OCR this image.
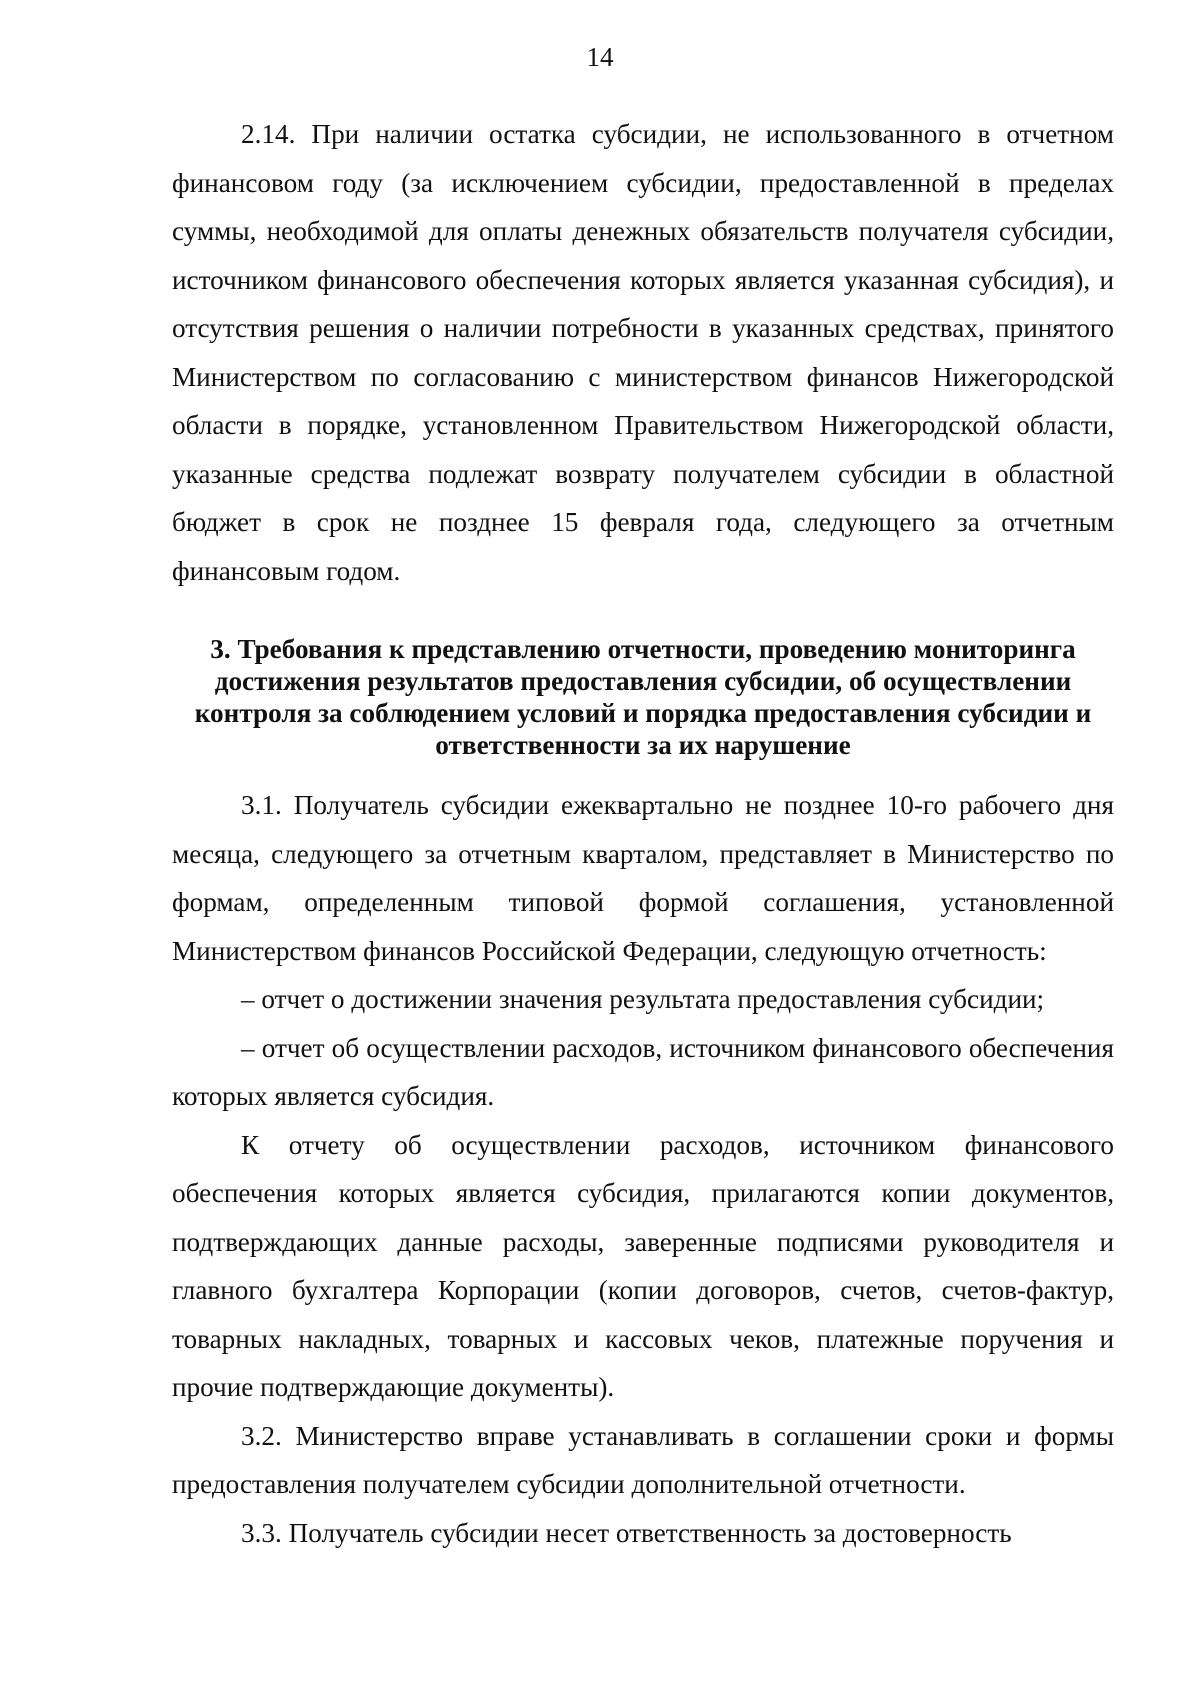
14

2.14. При наличии остатка субсидии, не использованного в отчетном финансовом году (за исключением субсидии, предоставленной в пределах суммы, необходимой для оплаты денежных обязательств получателя субсидии, источником финансового обеспечения которых является указанная субсидия), и отсутствия решения о наличии потребности в указанных средствах, принятого Министерством по согласованию с министерством финансов Нижегородской области в порядке, установленном Правительством Нижегородской области, указанные средства подлежат возврату получателем субсидии в областной бюджет в срок не позднее 15 февраля года, следующего за отчетным финансовым годом.

3. Требования к представлению отчетности, проведению мониторинга достижения результатов предоставления субсидии, об осуществлении контроля за соблюдением условий и порядка предоставления субсидии и ответственности за их нарушение

3.1. Получатель субсидии ежеквартально не позднее 10-го рабочего дня месяца, следующего за отчетным кварталом, представляет в Министерство по формам, определенным типовой формой соглашения, установленной Министерством финансов Российской Федерации, следующую отчетность:

– отчет о достижении значения результата предоставления субсидии;

– отчет об осуществлении расходов, источником финансового обеспечения которых является субсидия.

К отчету об осуществлении расходов, источником финансового обеспечения которых является субсидия, прилагаются копии документов, подтверждающих данные расходы, заверенные подписями руководителя и главного бухгалтера Корпорации (копии договоров, счетов, счетов-фактур, товарных накладных, товарных и кассовых чеков, платежные поручения и прочие подтверждающие документы).

3.2. Министерство вправе устанавливать в соглашении сроки и формы предоставления получателем субсидии дополнительной отчетности.

3.3. Получатель субсидии несет ответственность за достоверность
